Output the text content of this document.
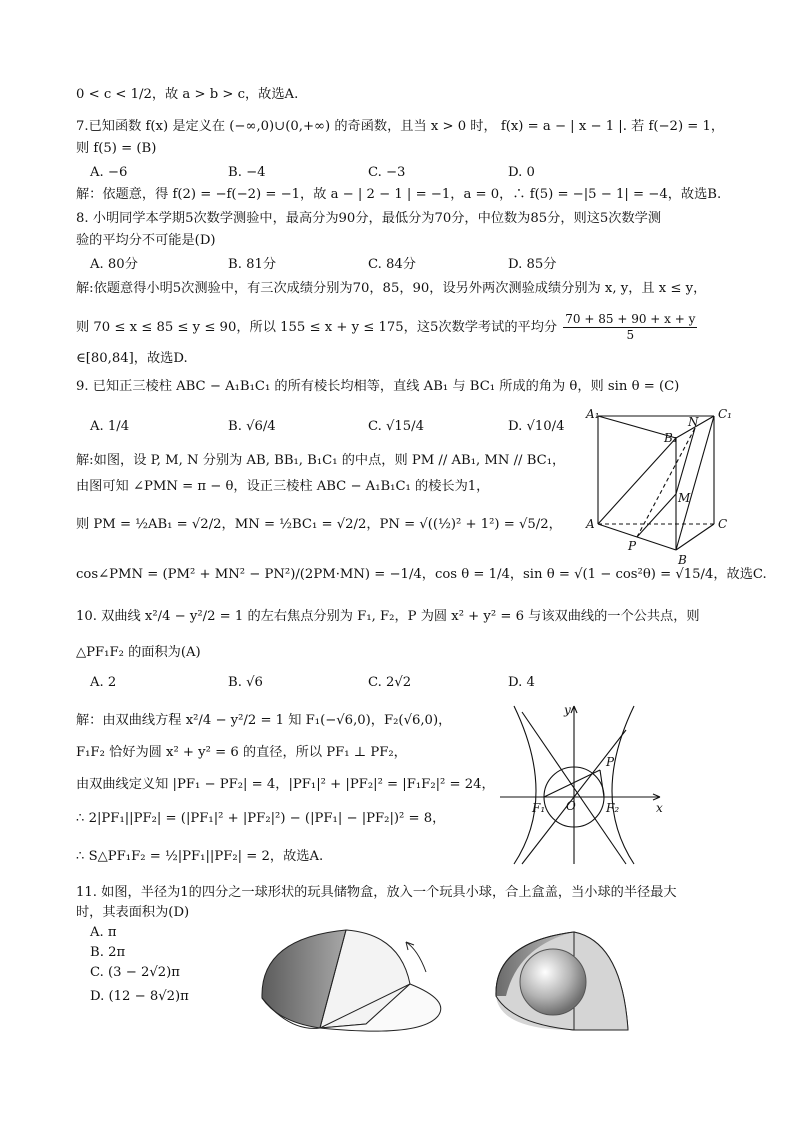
0 < c < 1/2，故 a > b > c，故选A.
7.已知函数 f(x) 是定义在 (−∞,0)∪(0,+∞) 的奇函数，且当 x > 0 时， f(x) = a − | x − 1 |. 若 f(−2) = 1，
则 f(5) = (B)
A. −6	B. −4	C. −3	D. 0
解：依题意，得 f(2) = −f(−2) = −1，故 a − | 2 − 1 | = −1，a = 0，∴ f(5) = −|5 − 1| = −4，故选B.
8. 小明同学本学期5次数学测验中，最高分为90分，最低分为70分，中位数为85分，则这5次数学测
验的平均分不可能是(D)
A. 80分	B. 81分	C. 84分	D. 85分
解:依题意得小明5次测验中，有三次成绩分别为70，85，90，设另外两次测验成绩分别为 x, y，且 x ≤ y，
则 70 ≤ x ≤ 85 ≤ y ≤ 90，所以 155 ≤ x + y ≤ 175，这5次数学考试的平均分 $\frac{70 + 85 + 90 + x + y}{5}$
∈[80,84]，故选D.
9. 已知正三棱柱 ABC − A₁B₁C₁ 的所有棱长均相等，直线 AB₁ 与 BC₁ 所成的角为 θ，则 sin θ = (C)
A. 1/4	B. √6/4	C. √15/4	D. √10/4
解:如图，设 P, M, N 分别为 AB, BB₁, B₁C₁ 的中点，则 PM // AB₁, MN // BC₁，
由图可知 ∠PMN = π − θ，设正三棱柱 ABC − A₁B₁C₁ 的棱长为1，
则 PM = ½AB₁ = √2/2，MN = ½BC₁ = √2/2，PN = √((½)² + 1²) = √5/2，
cos∠PMN = (PM² + MN² − PN²)/(2PM·MN) = −1/4，cos θ = 1/4，sin θ = √(1 − cos²θ) = √15/4，故选C.
10. 双曲线 x²/4 − y²/2 = 1 的左右焦点分别为 F₁, F₂，P 为圆 x² + y² = 6 与该双曲线的一个公共点，则
△PF₁F₂ 的面积为(A)
A. 2	B. √6	C. 2√2	D. 4
解：由双曲线方程 x²/4 − y²/2 = 1 知 F₁(−√6,0)，F₂(√6,0)，
F₁F₂ 恰好为圆 x² + y² = 6 的直径，所以 PF₁ ⊥ PF₂，
由双曲线定义知 |PF₁ − PF₂| = 4，|PF₁|² + |PF₂|² = |F₁F₂|² = 24，
∴ 2|PF₁||PF₂| = (|PF₁|² + |PF₂|²) − (|PF₁| − |PF₂|)² = 8，
∴ S△PF₁F₂ = ½|PF₁||PF₂| = 2，故选A.
11. 如图，半径为1的四分之一球形状的玩具储物盒，放入一个玩具小球，合上盒盖，当小球的半径最大
时，其表面积为(D)
A. π
B. 2π
C. (3 − 2√2)π
D. (12 − 8√2)π
A₁
B₁
C₁
N
M
A	C
P
B
y
x
O
F₁	F₂
P
